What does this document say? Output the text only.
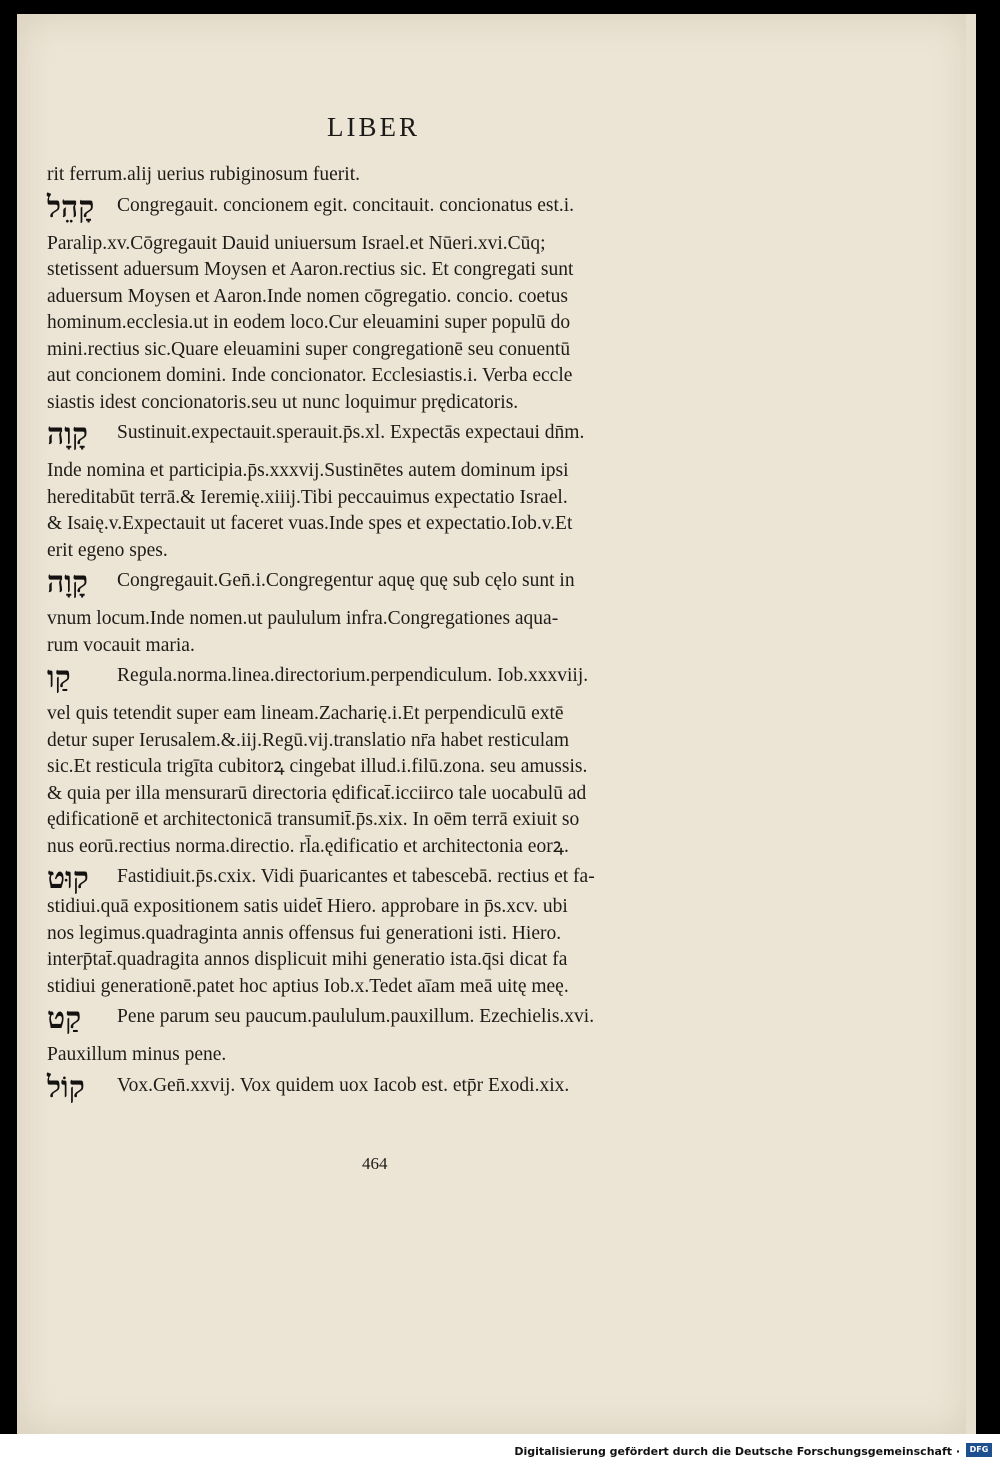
LIBER
rit ferrum.alij uerius rubiginosum fuerit.
קָהֵל	Congregauit. concionem egit. concitauit. concionatus est.i.
Paralip.xv.Cōgregauit Dauid uniuersum Israel.et Nūeri.xvi.Cūq;
stetissent aduersum Moysen et Aaron.rectius sic. Et congregati sunt
aduersum Moysen et Aaron.Inde nomen cōgregatio. concio. coetus
hominum.ecclesia.ut in eodem loco.Cur eleuamini super populū do
mini.rectius sic.Quare eleuamini super congregationē seu conuentū
aut concionem domini. Inde concionator. Ecclesiastis.i. Verba eccle
siastis idest concionatoris.seu ut nunc loquimur prędicatoris.
קָוָה	Sustinuit.expectauit.sperauit.p̄s.xl. Expectās expectaui dn̄m.
Inde nomina et participia.p̄s.xxxvij.Sustinētes autem dominum ipsi
hereditabūt terrā.& Ieremię.xiiij.Tibi peccauimus expectatio Israel.
& Isaię.v.Expectauit ut faceret vuas.Inde spes et expectatio.Iob.v.Et
erit egeno spes.
קָוָה	Congregauit.Gen̄.i.Congregentur aquę quę sub cęlo sunt in
vnum locum.Inde nomen.ut paululum infra.Congregationes aqua-
rum vocauit maria.
קַו	Regula.norma.linea.directorium.perpendiculum. Iob.xxxviij.
vel quis tetendit super eam lineam.Zacharię.i.Et perpendiculū extē
detur super Ierusalem.&.iij.Regū.vij.translatio nr̄a habet resticulam
sic.Et resticula trigīta cubitorꝝ cingebat illud.i.filū.zona. seu amussis.
& quia per illa mensurarū directoria ędificat̄.icciirco tale uocabulū ad
ędificationē et architectonicā transumit̄.p̄s.xix. In oēm terrā exiuit so
nus eorū.rectius norma.directio. rl̄a.ędificatio et architectonia eorꝝ.
קוּט	Fastidiuit.p̄s.cxix. Vidi p̄uaricantes et tabescebā. rectius et fa-
stidiui.quā expositionem satis uidet̄ Hiero. approbare in p̄s.xcv. ubi
nos legimus.quadraginta annis offensus fui generationi isti. Hiero.
interp̄tat̄.quadragita annos displicuit mihi generatio ista.q̄si dicat fa
stidiui generationē.patet hoc aptius Iob.x.Tedet aīam meā uitę meę.
קַט	Pene parum seu paucum.paululum.pauxillum. Ezechielis.xvi.
Pauxillum minus pene.
קוֹל	Vox.Gen̄.xxvij. Vox quidem uox Iacob est. etp̄r Exodi.xix.
464
Digitalisierung gefördert durch die Deutsche Forschungsgemeinschaft ·	DFG
